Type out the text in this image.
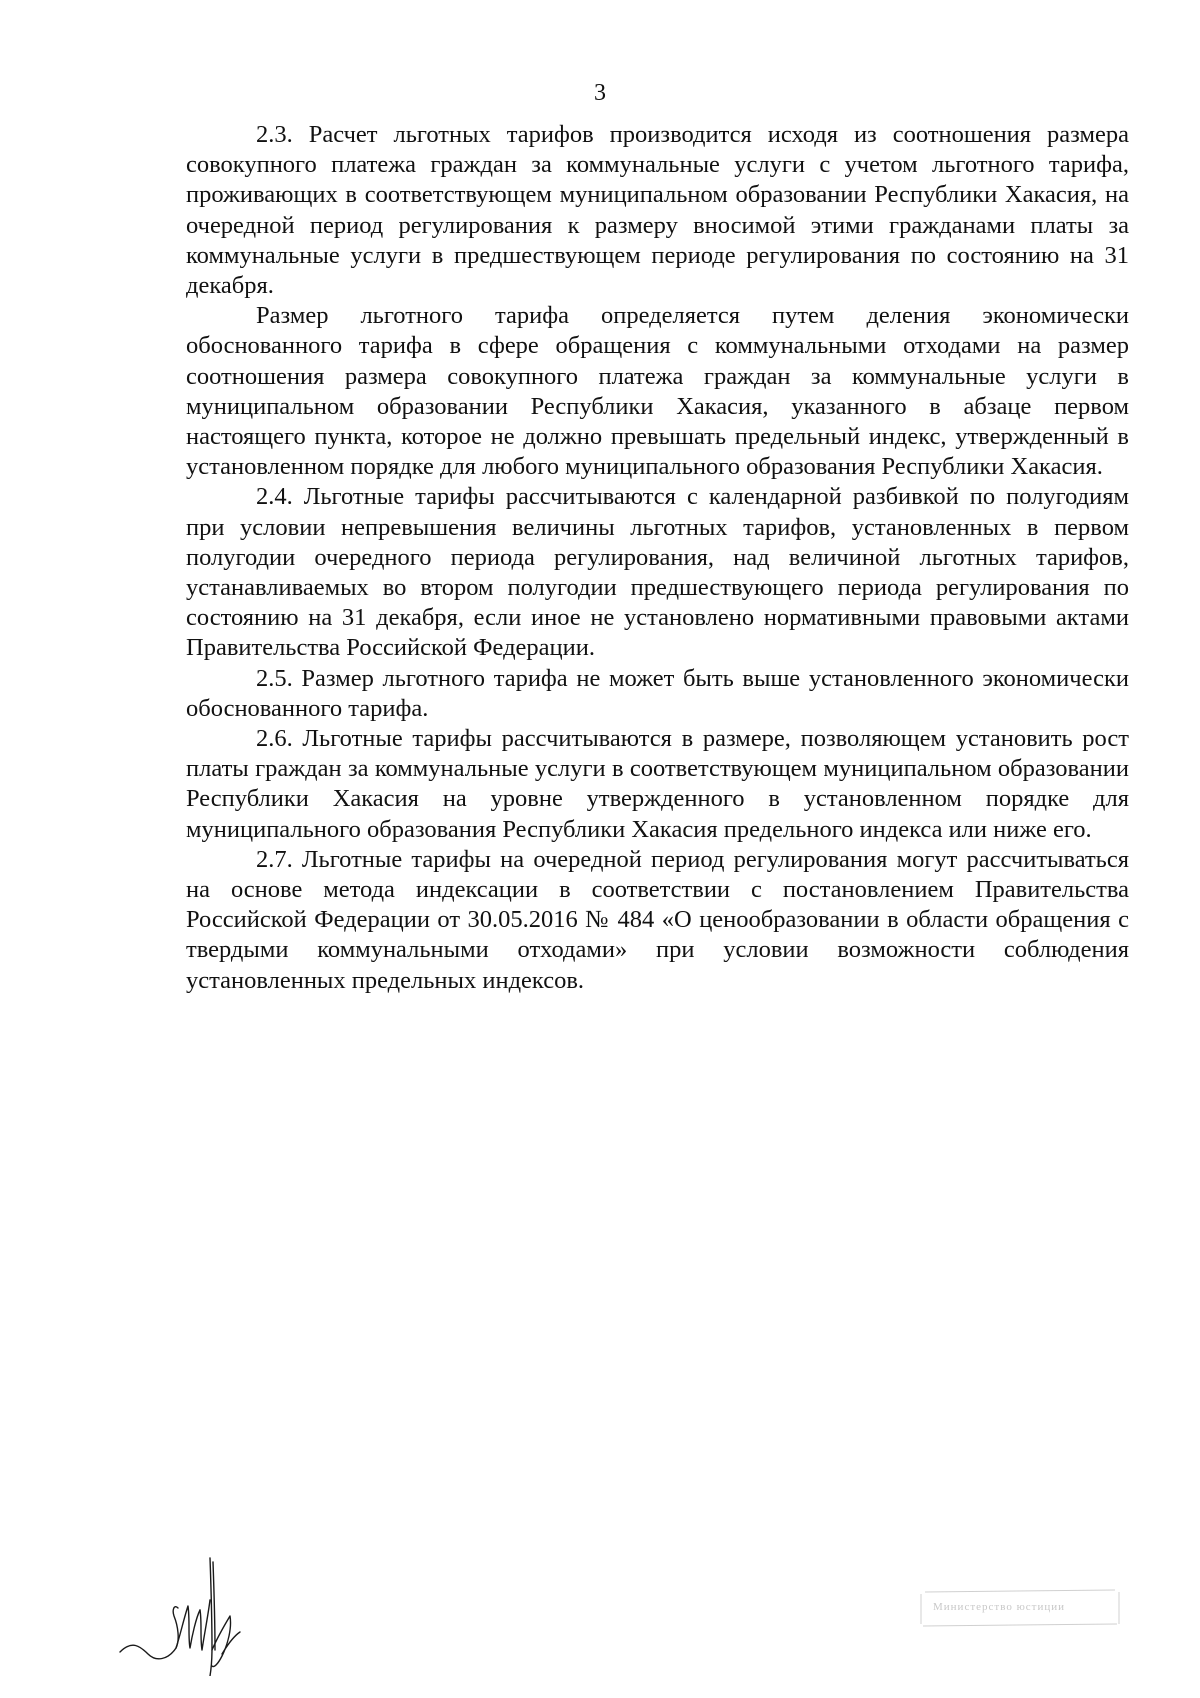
3

2.3. Расчет льготных тарифов производится исходя из соотношения размера совокупного платежа граждан за коммунальные услуги с учетом льготного тарифа, проживающих в соответствующем муниципальном образовании Республики Хакасия, на очередной период регулирования к размеру вносимой этими гражданами платы за коммунальные услуги в предшествующем периоде регулирования по состоянию на 31 декабря.

Размер льготного тарифа определяется путем деления экономически обоснованного тарифа в сфере обращения с коммунальными отходами на размер соотношения размера совокупного платежа граждан за коммунальные услуги в муниципальном образовании Республики Хакасия, указанного в абзаце первом настоящего пункта, которое не должно превышать предельный индекс, утвержденный в установленном порядке для любого муниципального образования Республики Хакасия.

2.4. Льготные тарифы рассчитываются с календарной разбивкой по полугодиям при условии непревышения величины льготных тарифов, установленных в первом полугодии очередного периода регулирования, над величиной льготных тарифов, устанавливаемых во втором полугодии предшествующего периода регулирования по состоянию на 31 декабря, если иное не установлено нормативными правовыми актами Правительства Российской Федерации.

2.5. Размер льготного тарифа не может быть выше установленного экономически обоснованного тарифа.

2.6. Льготные тарифы рассчитываются в размере, позволяющем установить рост платы граждан за коммунальные услуги в соответствующем муниципальном образовании Республики Хакасия на уровне утвержденного в установленном порядке для муниципального образования Республики Хакасия предельного индекса или ниже его.

2.7. Льготные тарифы на очередной период регулирования могут рассчитываться на основе метода индексации в соответствии с постановлением Правительства Российской Федерации от 30.05.2016 № 484 «О ценообразовании в области обращения с твердыми коммунальными отходами» при условии возможности соблюдения установленных предельных индексов.

Министерство юстиции
